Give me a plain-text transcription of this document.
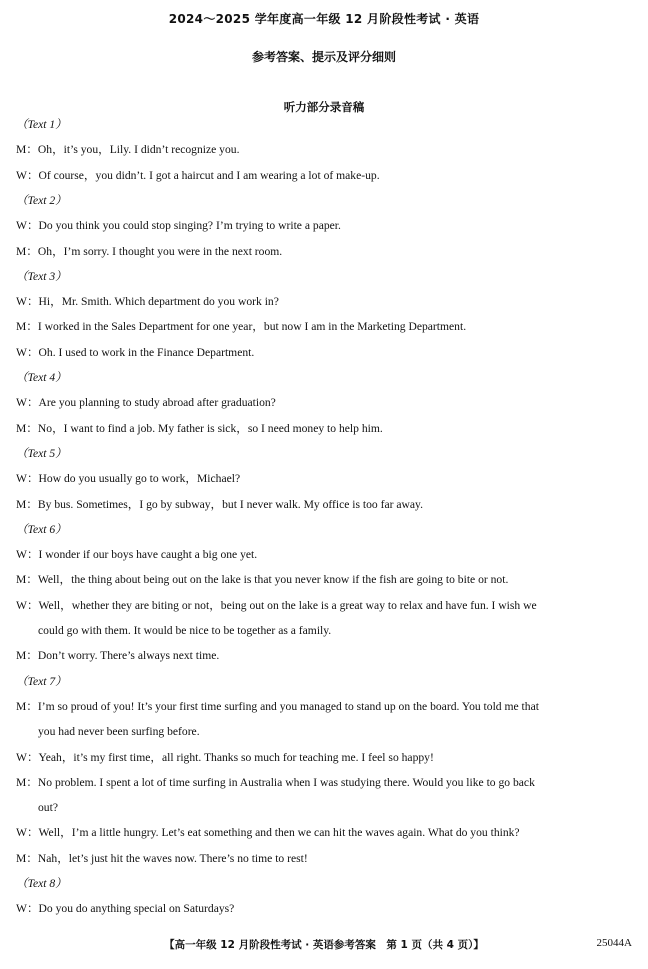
2024～2025 学年度高一年级 12 月阶段性考试 · 英语
参考答案、提示及评分细则
听力部分录音稿
（Text 1）
M：Oh，it’s you，Lily. I didn’t recognize you.
W：Of course，you didn’t. I got a haircut and I am wearing a lot of make-up.
（Text 2）
W：Do you think you could stop singing? I’m trying to write a paper.
M：Oh，I’m sorry. I thought you were in the next room.
（Text 3）
W：Hi，Mr. Smith. Which department do you work in?
M：I worked in the Sales Department for one year，but now I am in the Marketing Department.
W：Oh. I used to work in the Finance Department.
（Text 4）
W：Are you planning to study abroad after graduation?
M：No，I want to find a job. My father is sick，so I need money to help him.
（Text 5）
W：How do you usually go to work，Michael?
M：By bus. Sometimes，I go by subway，but I never walk. My office is too far away.
（Text 6）
W：I wonder if our boys have caught a big one yet.
M：Well，the thing about being out on the lake is that you never know if the fish are going to bite or not.
W：Well，whether they are biting or not，being out on the lake is a great way to relax and have fun. I wish we
could go with them. It would be nice to be together as a family.
M：Don’t worry. There’s always next time.
（Text 7）
M：I’m so proud of you! It’s your first time surfing and you managed to stand up on the board. You told me that
you had never been surfing before.
W：Yeah，it’s my first time，all right. Thanks so much for teaching me. I feel so happy!
M：No problem. I spent a lot of time surfing in Australia when I was studying there. Would you like to go back
out?
W：Well，I’m a little hungry. Let’s eat something and then we can hit the waves again. What do you think?
M：Nah，let’s just hit the waves now. There’s no time to rest!
（Text 8）
W：Do you do anything special on Saturdays?
【高一年级 12 月阶段性考试 · 英语参考答案　第 1 页（共 4 页）】	25044A
